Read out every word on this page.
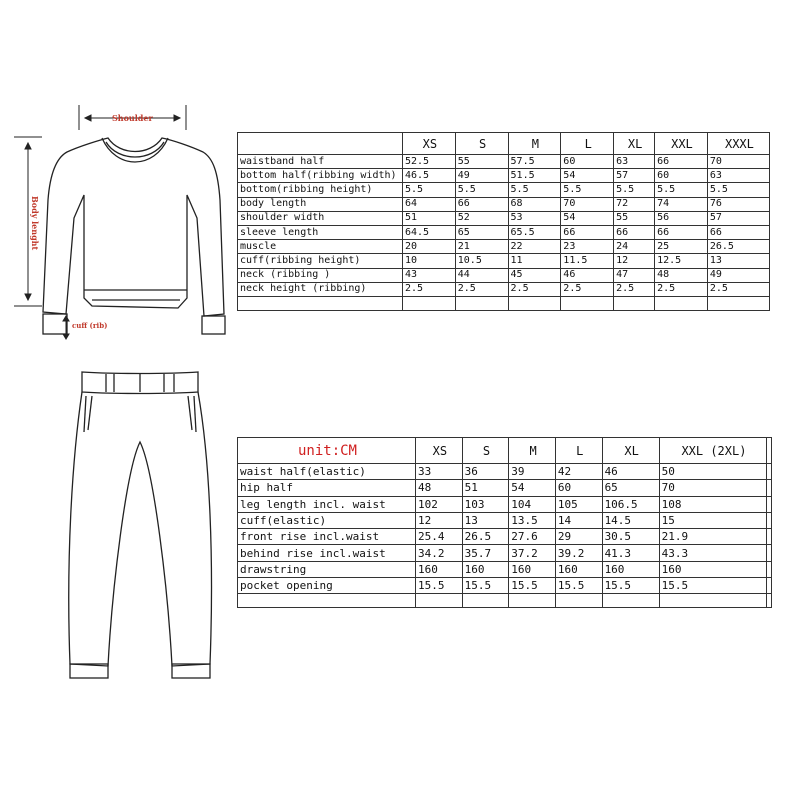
Shoulder
Body lenght
cuff (rib)
	XS	S	M	L	XL	XXL	XXXL
waistband half	52.5	55	57.5	60	63	66	70
bottom half(ribbing width)	46.5	49	51.5	54	57	60	63
bottom(ribbing height)	5.5	5.5	5.5	5.5	5.5	5.5	5.5
body length	64	66	68	70	72	74	76
shoulder width	51	52	53	54	55	56	57
sleeve length	64.5	65	65.5	66	66	66	66
muscle	20	21	22	23	24	25	26.5
cuff(ribbing height)	10	10.5	11	11.5	12	12.5	13
neck (ribbing )	43	44	45	46	47	48	49
neck height (ribbing)	2.5	2.5	2.5	2.5	2.5	2.5	2.5

unit:CM	XS	S	M	L	XL	XXL (2XL)	
waist half(elastic)	33	36	39	42	46	50	
hip half	48	51	54	60	65	70	
leg length incl. waist	102	103	104	105	106.5	108	
cuff(elastic)	12	13	13.5	14	14.5	15	
front rise incl.waist	25.4	26.5	27.6	29	30.5	21.9	
behind rise incl.waist	34.2	35.7	37.2	39.2	41.3	43.3	
drawstring	160	160	160	160	160	160	
pocket opening	15.5	15.5	15.5	15.5	15.5	15.5	
